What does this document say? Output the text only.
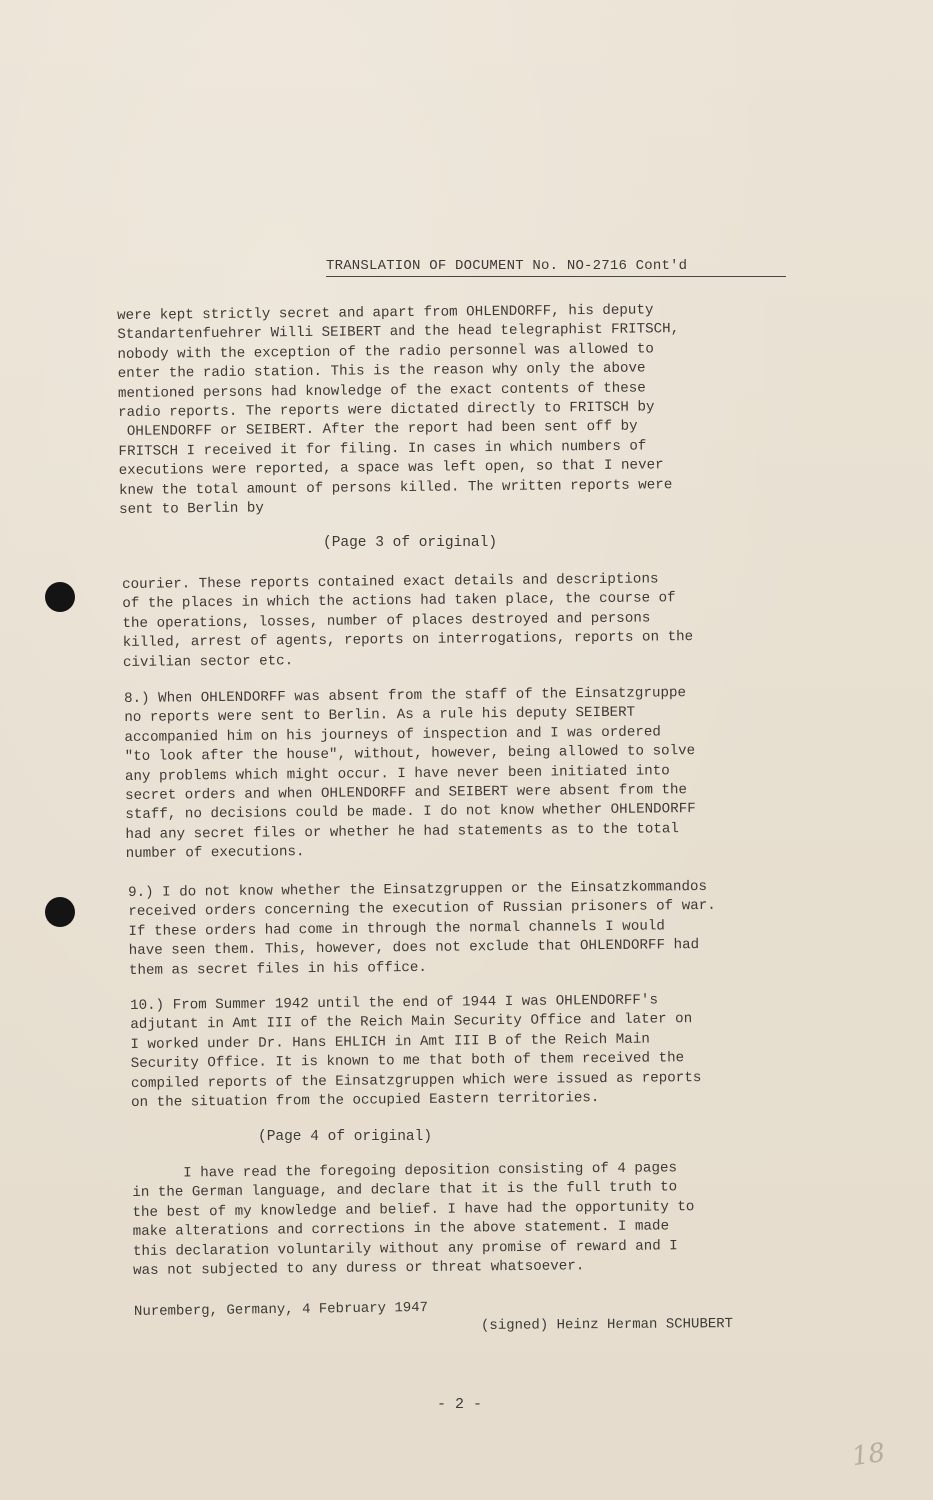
TRANSLATION OF DOCUMENT No. NO-2716 Cont'd
were kept strictly secret and apart from OHLENDORFF, his deputy
Standartenfuehrer Willi SEIBERT and the head telegraphist FRITSCH,
nobody with the exception of the radio personnel was allowed to
enter the radio station. This is the reason why only the above
mentioned persons had knowledge of the exact contents of these
radio reports. The reports were dictated directly to FRITSCH by
OHLENDORFF or SEIBERT. After the report had been sent off by
FRITSCH I received it for filing. In cases in which numbers of
executions were reported, a space was left open, so that I never
knew the total amount of persons killed. The written reports were
sent to Berlin by
(Page 3 of original)
courier. These reports contained exact details and descriptions
of the places in which the actions had taken place, the course of
the operations, losses, number of places destroyed and persons
killed, arrest of agents, reports on interrogations, reports on the
civilian sector etc.
8.) When OHLENDORFF was absent from the staff of the Einsatzgruppe
no reports were sent to Berlin. As a rule his deputy SEIBERT
accompanied him on his journeys of inspection and I was ordered
"to look after the house", without, however, being allowed to solve
any problems which might occur. I have never been initiated into
secret orders and when OHLENDORFF and SEIBERT were absent from the
staff, no decisions could be made. I do not know whether OHLENDORFF
had any secret files or whether he had statements as to the total
number of executions.
9.) I do not know whether the Einsatzgruppen or the Einsatzkommandos
received orders concerning the execution of Russian prisoners of war.
If these orders had come in through the normal channels I would
have seen them. This, however, does not exclude that OHLENDORFF had
them as secret files in his office.
10.) From Summer 1942 until the end of 1944 I was OHLENDORFF's
adjutant in Amt III of the Reich Main Security Office and later on
I worked under Dr. Hans EHLICH in Amt III B of the Reich Main
Security Office. It is known to me that both of them received the
compiled reports of the Einsatzgruppen which were issued as reports
on the situation from the occupied Eastern territories.
(Page 4 of original)
I have read the foregoing deposition consisting of 4 pages
in the German language, and declare that it is the full truth to
the best of my knowledge and belief. I have had the opportunity to
make alterations and corrections in the above statement. I made
this declaration voluntarily without any promise of reward and I
was not subjected to any duress or threat whatsoever.
Nuremberg, Germany, 4 February 1947
(signed) Heinz Herman SCHUBERT
- 2 -
18
